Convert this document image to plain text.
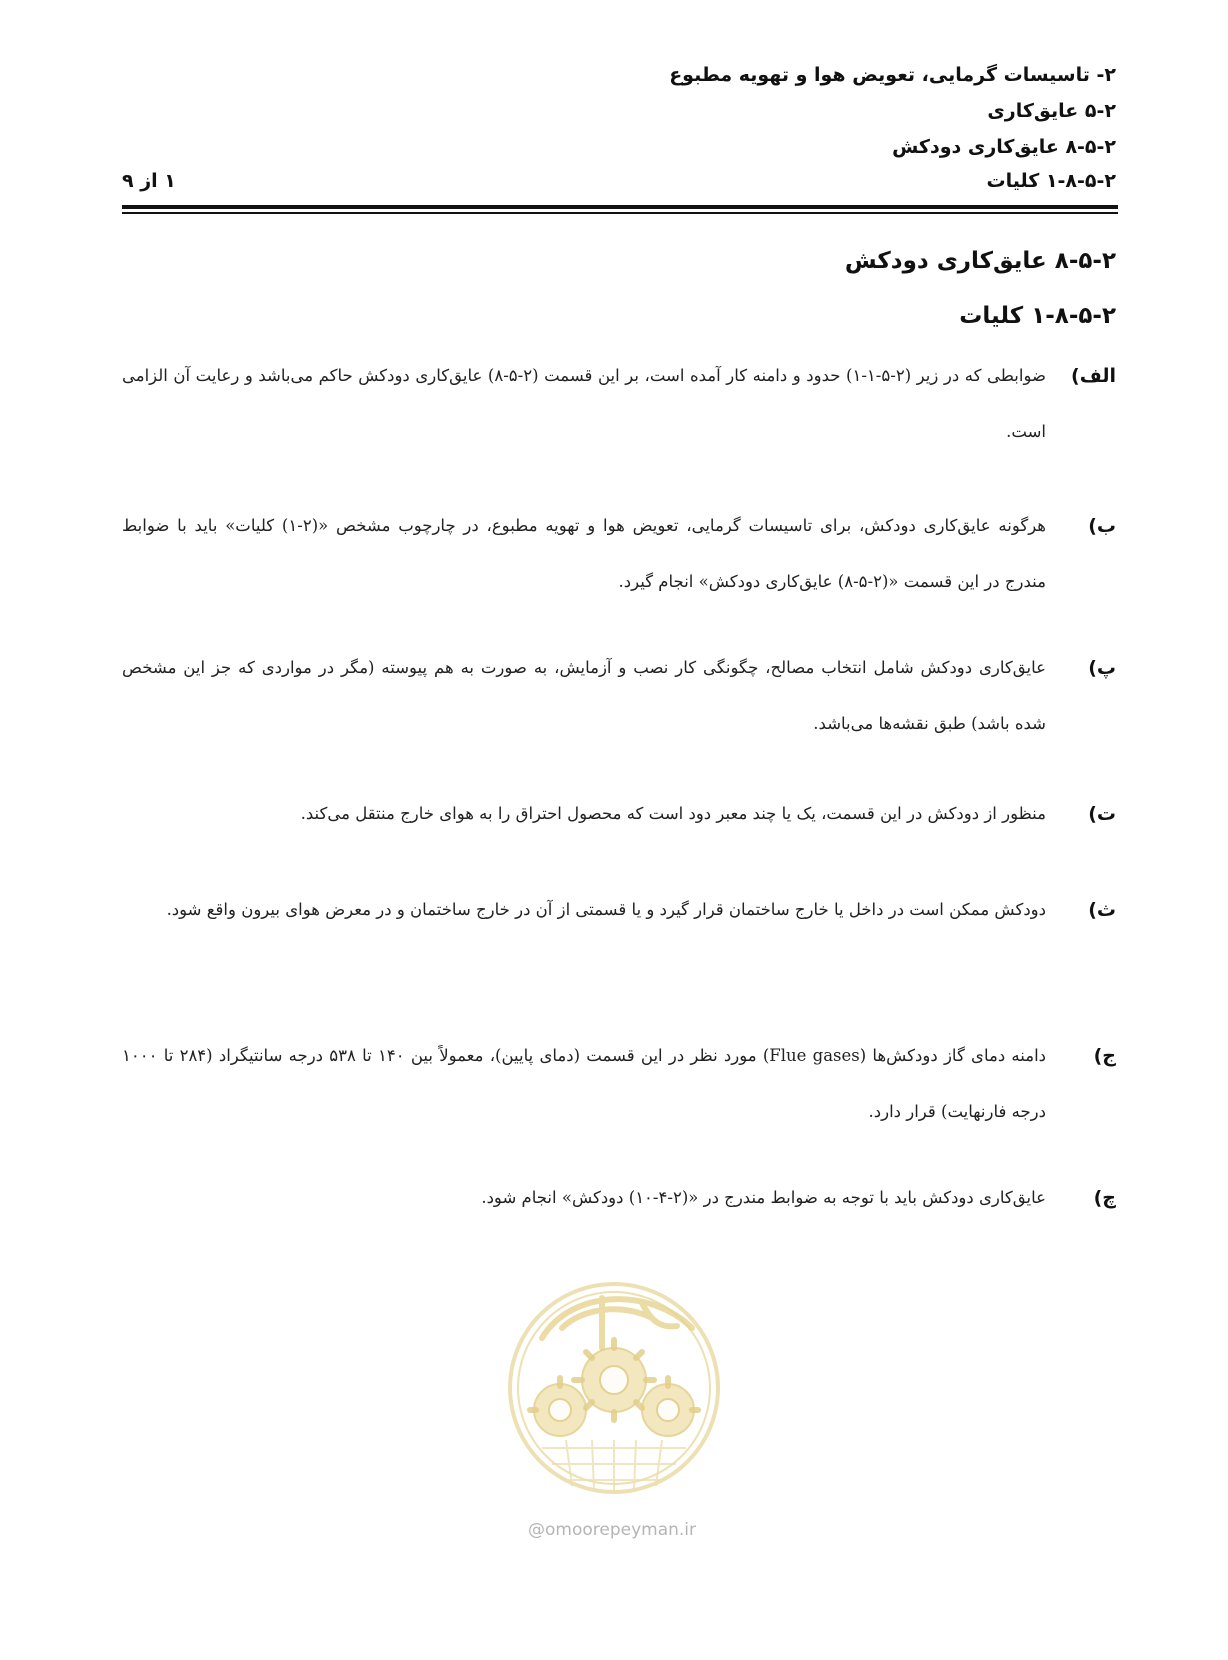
۲- تاسیسات گرمایی، تعویض هوا و تهویه مطبوع
۵-۲ عایق‌کاری
۸-۵-۲ عایق‌کاری دودکش
۱-۸-۵-۲ کلیات
۱ از ۹
۸-۵-۲ عایق‌کاری دودکش
۱-۸-۵-۲ کلیات
الف)
ضوابطی که در زیر (۲-۵-۱-۱) حدود و دامنه کار آمده است، بر این قسمت (۲-۵-۸) عایق‌کاری دودکش حاکم می‌باشد و رعایت آن الزامی است.
ب)
هرگونه عایق‌کاری دودکش، برای تاسیسات گرمایی، تعویض هوا و تهویه مطبوع، در چارچوب مشخص «(۲-۱) کلیات» باید با ضوابط مندرج در این قسمت «(۲-۵-۸) عایق‌کاری دودکش» انجام گیرد.
پ)
عایق‌کاری دودکش شامل انتخاب مصالح، چگونگی کار نصب و آزمایش، به صورت به هم پیوسته (مگر در مواردی که جز این مشخص شده باشد) طبق نقشه‌ها می‌باشد.
ت)
منظور از دودکش در این قسمت، یک یا چند معبر دود است که محصول احتراق را به هوای خارج منتقل می‌کند.
ث)
دودکش ممکن است در داخل یا خارج ساختمان قرار گیرد و یا قسمتی از آن در خارج ساختمان و در معرض هوای بیرون واقع شود.
ج)
دامنه دمای گاز دودکش‌ها (Flue gases) مورد نظر در این قسمت (دمای پایین)، معمولاً بین ۱۴۰ تا ۵۳۸ درجه سانتیگراد (۲۸۴ تا ۱۰۰۰ درجه فارنهایت) قرار دارد.
چ)
عایق‌کاری دودکش باید با توجه به ضوابط مندرج در «(۲-۴-۱۰) دودکش» انجام شود.
@omoorepeyman.ir
